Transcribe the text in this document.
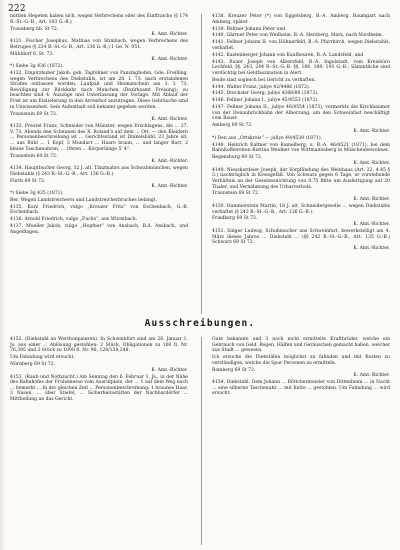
222
mittlen Hegeten haben sich, wegen Verbrechens oder des Einftraichs (§ 174 R.-St.-G.-B., Art. 103 G.-B.)
Traunberg hh. St 72.
K. Amt.-Richter.
4131. Fischer Josephus, Mathias von Stimbach, wegen Verbrechens des Betruges (§ 224 R.-St.-G.-B., Art. 136 G.-B.) 1 Ge. N. 951.
Mühldorf 6. St. 73.
K. Amt.-Richter.
*) Siehe 3g 436 (1872).
4132. Empirzhuber Jakob, geb. Tagtöhner von Panzinghofen, Gde. Freilling, wegen Verbrechens des Diebstahls, ist am 28. I. 73. nach erstandenen Strafen entlassen worden, Laufpaß und Heimatschein am 3. I. 73. Bewilligung zur Rückkehr nach Munchen (Bezirksamt Freising); zu beachten sind 4. Auszüge und Unterlassung der Vorlage. Mit Ablauf der Frist ist um Einlieferung in den Arresthof anzutragen. Diese Gebräuche sind in Unwissenheit. Sein Aufenthalt soll bekannt gegeben werden.
Traunstein 69 St 72.
K. Amt.-Richter.
4133. Preutel Franz, Schneider von Münster, wegen Erschlagens, die ... 27. V. 73, Abends den Scheunen des X. Roland's auf dem ... Ort. — den Kleidern ... Personenbeschreibung ist ... Gerichtsstand ist Dinkelsbühl, 23 Jahre alt, ... aus Bühl ... 1 Kopf, 3 Mundart ... Haare braun, ... und langer Bart, 2 kleine Taschenuhren, ... Ohren ... Körperlänge 5' 4".
Traunstein 64 St 72.
K. Amt.-Richter.
4134. Hauptbucher Georg, 32 J. alt, Tänzmahrs aus Schwabmünchen, wegen Diebstahls (§ 243 R.-St.-G.-B., Art. 136 G.-B.).
Fürth 69 St 72.
K. Amt.-Richter.
*) Siehe 3g 435 (1871).
Ber. Wegen Landstreicherei und Landstreicherbruches belangt.
4135. Kurz Friedrich, vulgo „Kreuzer Fritz“ von Eschenbach, G.-B. Eschenbach.
4136. Arnold Friedrich, vulgo „Fuchs“, aus Wurmbach.
4137. Mueller Jakob, vulgo „Hopfner“ von Ansbach, B.A. Ansbach, und Angelfingen.
4138. Kreuzer Peter (*) von Eggelsberg, B.-A. Amberg, Baumgart nach Amberg, später
4139. Bültner Johann Peter und
4140. Gärtner Peter von Weilheim, B.-A. Herzberg, Marx, nach Nordheim.
4141. Fellner Johann II. von Hühnerfeld, B.-A. Pfarrkirch, wegen Diebstahls, verhaftet.
4142. Kastenberger Johann von Kaufbeuren, B.-A. Landsfeld, und
4143. Bauer Joseph von Albersfeld, B.-A. Ingolstadt, vom Kreisbüro Lechfeld, §§. 243, 244 R.-St.-G.-B. §§. 188, 189, 193 G.-B.; Sämmtliche sind verdächtig bei Geldfaszination in Alert.
Beide sind sogleich bei Gericht zu verhaften.
4144. Walter Franz, juliye 42/4486 (1872).
4145. Drechsler Georg, juliye 4366/80 (1873).
4146. Fellner Johann I., juliye 45/4553 (1872).
4147. Fellner Johann II., juliye 46/4554 (1873), vormerkts die Kirchbaumer von der Donaubrückbahn der Alberzung, am den Schweinfast beschäftigt vom Bauer.
Amberg 69 St 72.
K. Amt.-Richter.
*) Den aus „Ortskreis“ — juliye 49/4539 (1871).
4148. Heinrich Kaltner von Kamelberg, u. B.-A. 46/4521 (1871), bei dem Bahnhofbereiten Rattina Weidner von Wittmannsberg in Münchenbewohner.
Regensburg 69 St 72.
K. Amt.-Richter.
4149. Nieszkardeier Joseph, der Vorpfändung des Weinbaus (Art. 22, 4.45 § 3.) nachträglich in Kreisgefäß. Von Schwarz gegen 6 Tage, er vorstehende Verhältnis an der Gesetzesnichtung von 8.75 Bitte um Ausfertigung auf 20 Thaler, und Vernahmung des Urbarverbots.
Traunstein 69 St 72.
K. Amt.-Richter.
4150. Hammerstein Martin, 18 J. alt, Schneidergeselle ... wegen Diebstahls verhaftet (§ 242 R.-St.-G.-B., Art. 136 G.-B.).
Friedberg 69 St 72.
K. Amt.-Richter.
4151. Singer Ludwig, Schuhmacher aus Schweinfurt, bewerkstelligt am 4. März dieses Jahres ... Diebstahl ... (§§ 242 R.-St.-G.-B., Art. 135 G.-B.) Schwarz 69 St 72.
K. Amt.-Richter.
Ausschreibungen.
4152. (Diebstahl an Wertbonpaieren). In Schweinfurt sind am 26. Januar 1. Js. aus einer ... Ablösung gestohlen: 2 Stück, Obligationen zu 100 fl. Nr. 76,395 und 2 Stück zu 1000 fl. Nr. 96, 128/158,248.
Um Fahndung wird ersucht.
Nürnberg 69 St 72.
K. Amt.-Richter.
4153. (Raub und Nothzucht.) Am Sonntag den 6. Februar 1. Js., in der Nähe des Bahnhofes der Frühsmesse vom Ausrufplatz, der ... 1 auf dem Weg nach ... bemerkt ... In der gleichen Zeit ... Personenbeschreibung: 1 braunes Haar, 3 Nasen, ... über Stiefel, ... Sicherheitsstätten der Nachbardörfer ... Mittheilung an das Gericht.
Gute bekannte und 3 noch nicht ermittelte Kraftbrüder, welche ein Gebrauch von Geld, Bogen, Hälfen und Geräuschen gemacht haben, welcher aus Stadt ... gewesen.
Ich ersuche die Diebstähle möglichst zu fahnden und mit Kosten zu verständigen, welche die Spur Personen zu ermitteln.
Bamberg 69 St 72.
K. Amt.-Richter.
4154. Diebstahl. Dem Johann ... Böttchermeister von Dittenheim ... in Nacht ... eine silberne Taschenuhr ... mit Kette ... gestohlen. Um Fahndung ... wird ersucht.
